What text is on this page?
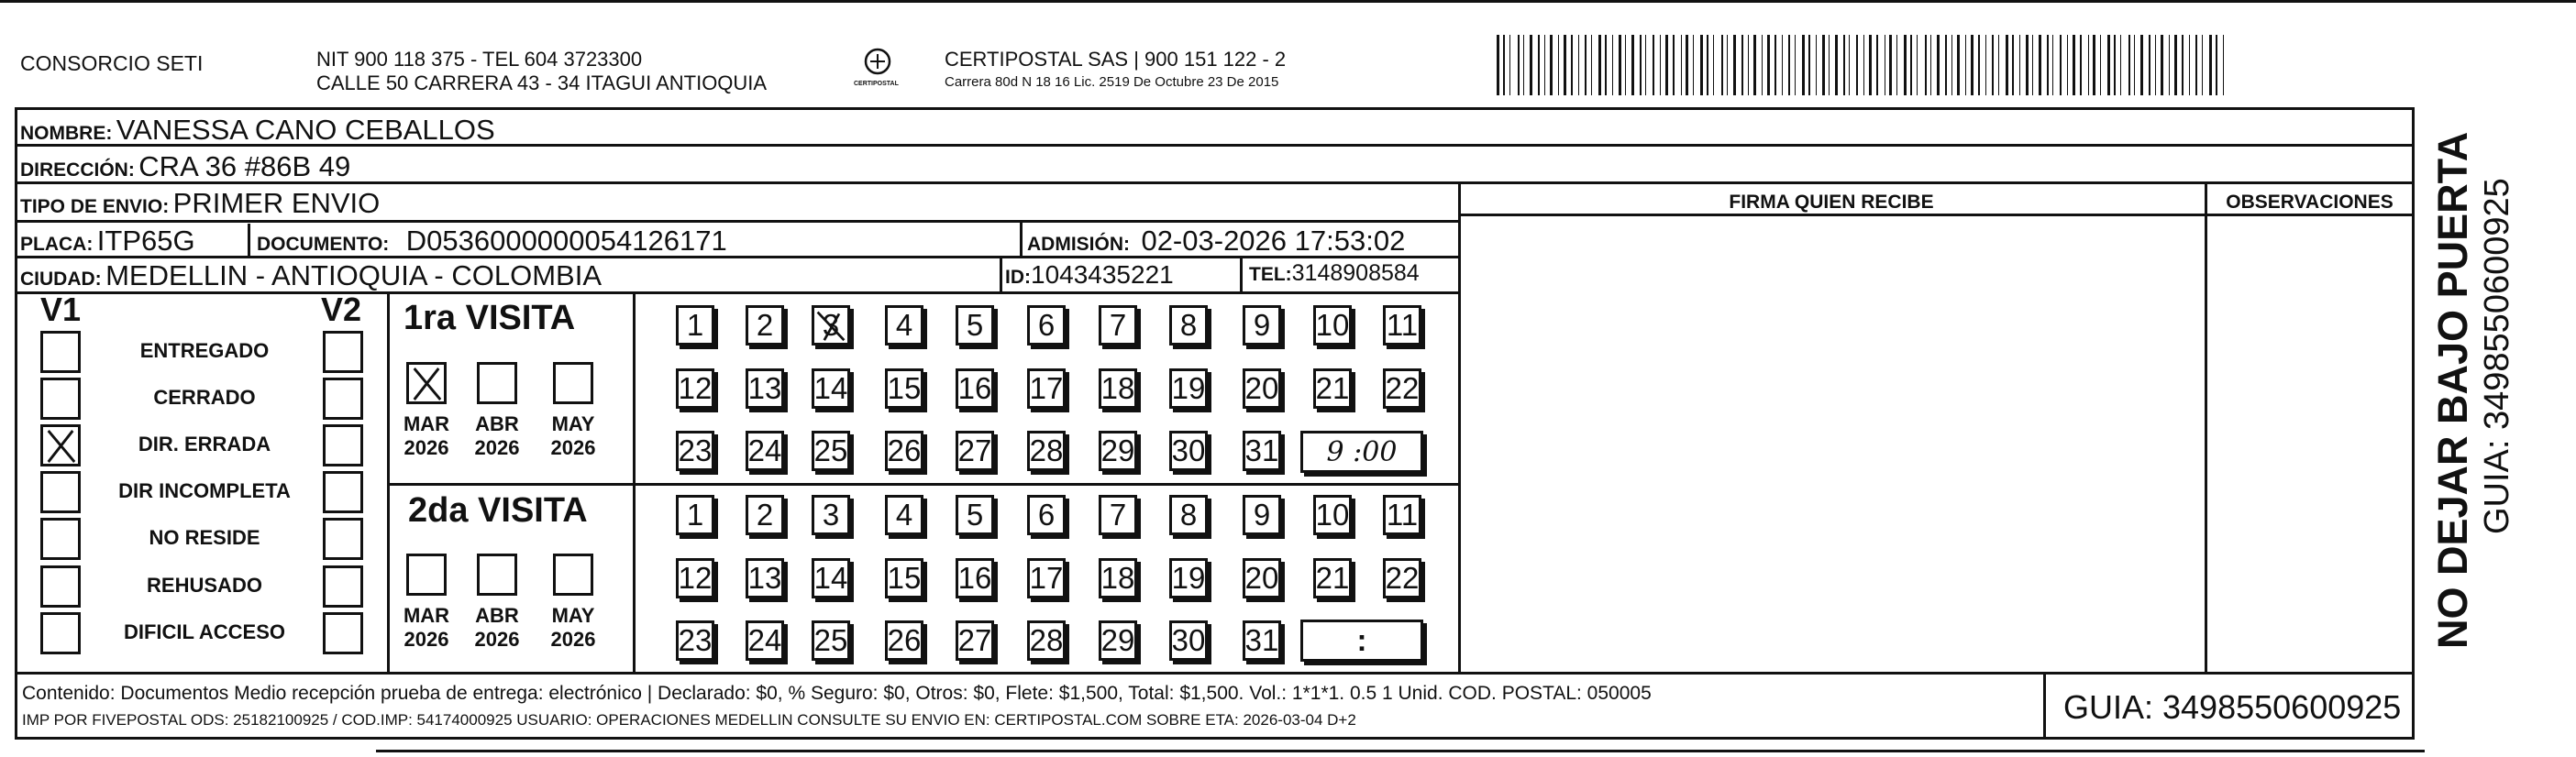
CONSORCIO SETI	NIT 900 118 375 - TEL 604 3723300
CALLE 50 CARRERA 43 - 34 ITAGUI ANTIOQUIA	CERTIPOSTAL
CERTIPOSTAL SAS | 900 151 122 - 2
Carrera 80d N 18 16 Lic. 2519 De Octubre 23 De 2015
NOMBRE: VANESSA CANO CEBALLOS
DIRECCIÓN: CRA 36 #86B 49
TIPO DE ENVIO: PRIMER ENVIO	FIRMA QUIEN RECIBE	OBSERVACIONES
PLACA: ITP65G	DOCUMENTO: D0536000000054126171	ADMISIÓN: 02-03-2026 17:53:02
CIUDAD: MEDELLIN - ANTIOQUIA - COLOMBIA	ID:1043435221	TEL:3148908584
V1	V2 1ra VISITA
2da VISITA
9 :00
:
Contenido: Documentos Medio recepción prueba de entrega: electrónico | Declarado: $0, % Seguro: $0, Otros: $0, Flete: $1,500, Total: $1,500. Vol.: 1*1*1. 0.5 1 Unid. COD. POSTAL: 050005
IMP POR FIVEPOSTAL ODS: 25182100925 / COD.IMP: 54174000925 USUARIO: OPERACIONES MEDELLIN CONSULTE SU ENVIO EN: CERTIPOSTAL.COM SOBRE ETA: 2026-03-04 D+2	GUIA: 3498550600925
NO DEJAR BAJO PUERTA GUIA: 3498550600925
ENTREGADO
CERRADO
DIR. ERRADA
DIR INCOMPLETA
NO RESIDE
REHUSADO
DIFICIL ACCESO
MAR
2026
ABR
2026
MAY
2026
MAR
2026
ABR
2026
MAY
2026
1	2	3	4	5	6	7	8	9	10 11
12 13 14 15 16 17 18 19 20 21 22
23 24 25 26 27 28 29 30 31
1	2	3	4	5	6	7	8	9	10 11
12 13 14 15 16 17 18 19 20 21 22
23 24 25 26 27 28 29 30 31
